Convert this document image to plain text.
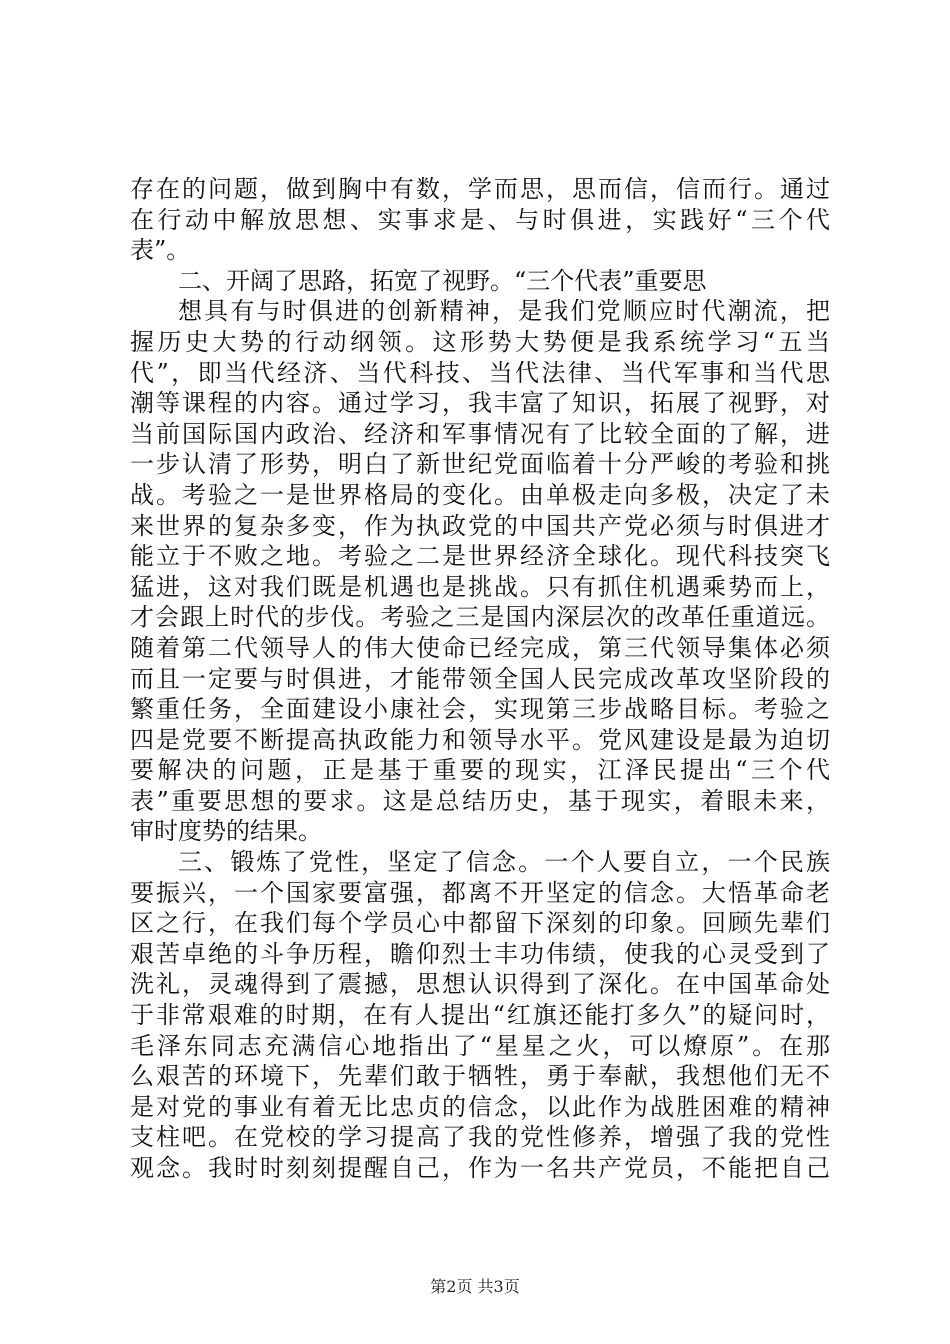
存在的问题，做到胸中有数，学而思，思而信，信而行。通过
在行动中解放思想、实事求是、与时俱进，实践好“三个代
表”。
二、开阔了思路，拓宽了视野。“三个代表”重要思
想具有与时俱进的创新精神，是我们党顺应时代潮流，把
握历史大势的行动纲领。这形势大势便是我系统学习“五当
代”，即当代经济、当代科技、当代法律、当代军事和当代思
潮等课程的内容。通过学习，我丰富了知识，拓展了视野，对
当前国际国内政治、经济和军事情况有了比较全面的了解，进
一步认清了形势，明白了新世纪党面临着十分严峻的考验和挑
战。考验之一是世界格局的变化。由单极走向多极，决定了未
来世界的复杂多变，作为执政党的中国共产党必须与时俱进才
能立于不败之地。考验之二是世界经济全球化。现代科技突飞
猛进，这对我们既是机遇也是挑战。只有抓住机遇乘势而上，
才会跟上时代的步伐。考验之三是国内深层次的改革任重道远。
随着第二代领导人的伟大使命已经完成，第三代领导集体必须
而且一定要与时俱进，才能带领全国人民完成改革攻坚阶段的
繁重任务，全面建设小康社会，实现第三步战略目标。考验之
四是党要不断提高执政能力和领导水平。党风建设是最为迫切
要解决的问题，正是基于重要的现实，江泽民提出“三个代
表”重要思想的要求。这是总结历史，基于现实，着眼未来，
审时度势的结果。
三、锻炼了党性，坚定了信念。一个人要自立，一个民族
要振兴，一个国家要富强，都离不开坚定的信念。大悟革命老
区之行，在我们每个学员心中都留下深刻的印象。回顾先辈们
艰苦卓绝的斗争历程，瞻仰烈士丰功伟绩，使我的心灵受到了
洗礼，灵魂得到了震撼，思想认识得到了深化。在中国革命处
于非常艰难的时期，在有人提出“红旗还能打多久”的疑问时，
毛泽东同志充满信心地指出了“星星之火，可以燎原”。在那
么艰苦的环境下，先辈们敢于牺牲，勇于奉献，我想他们无不
是对党的事业有着无比忠贞的信念，以此作为战胜困难的精神
支柱吧。在党校的学习提高了我的党性修养，增强了我的党性
观念。我时时刻刻提醒自己，作为一名共产党员，不能把自己
第2页 共3页
